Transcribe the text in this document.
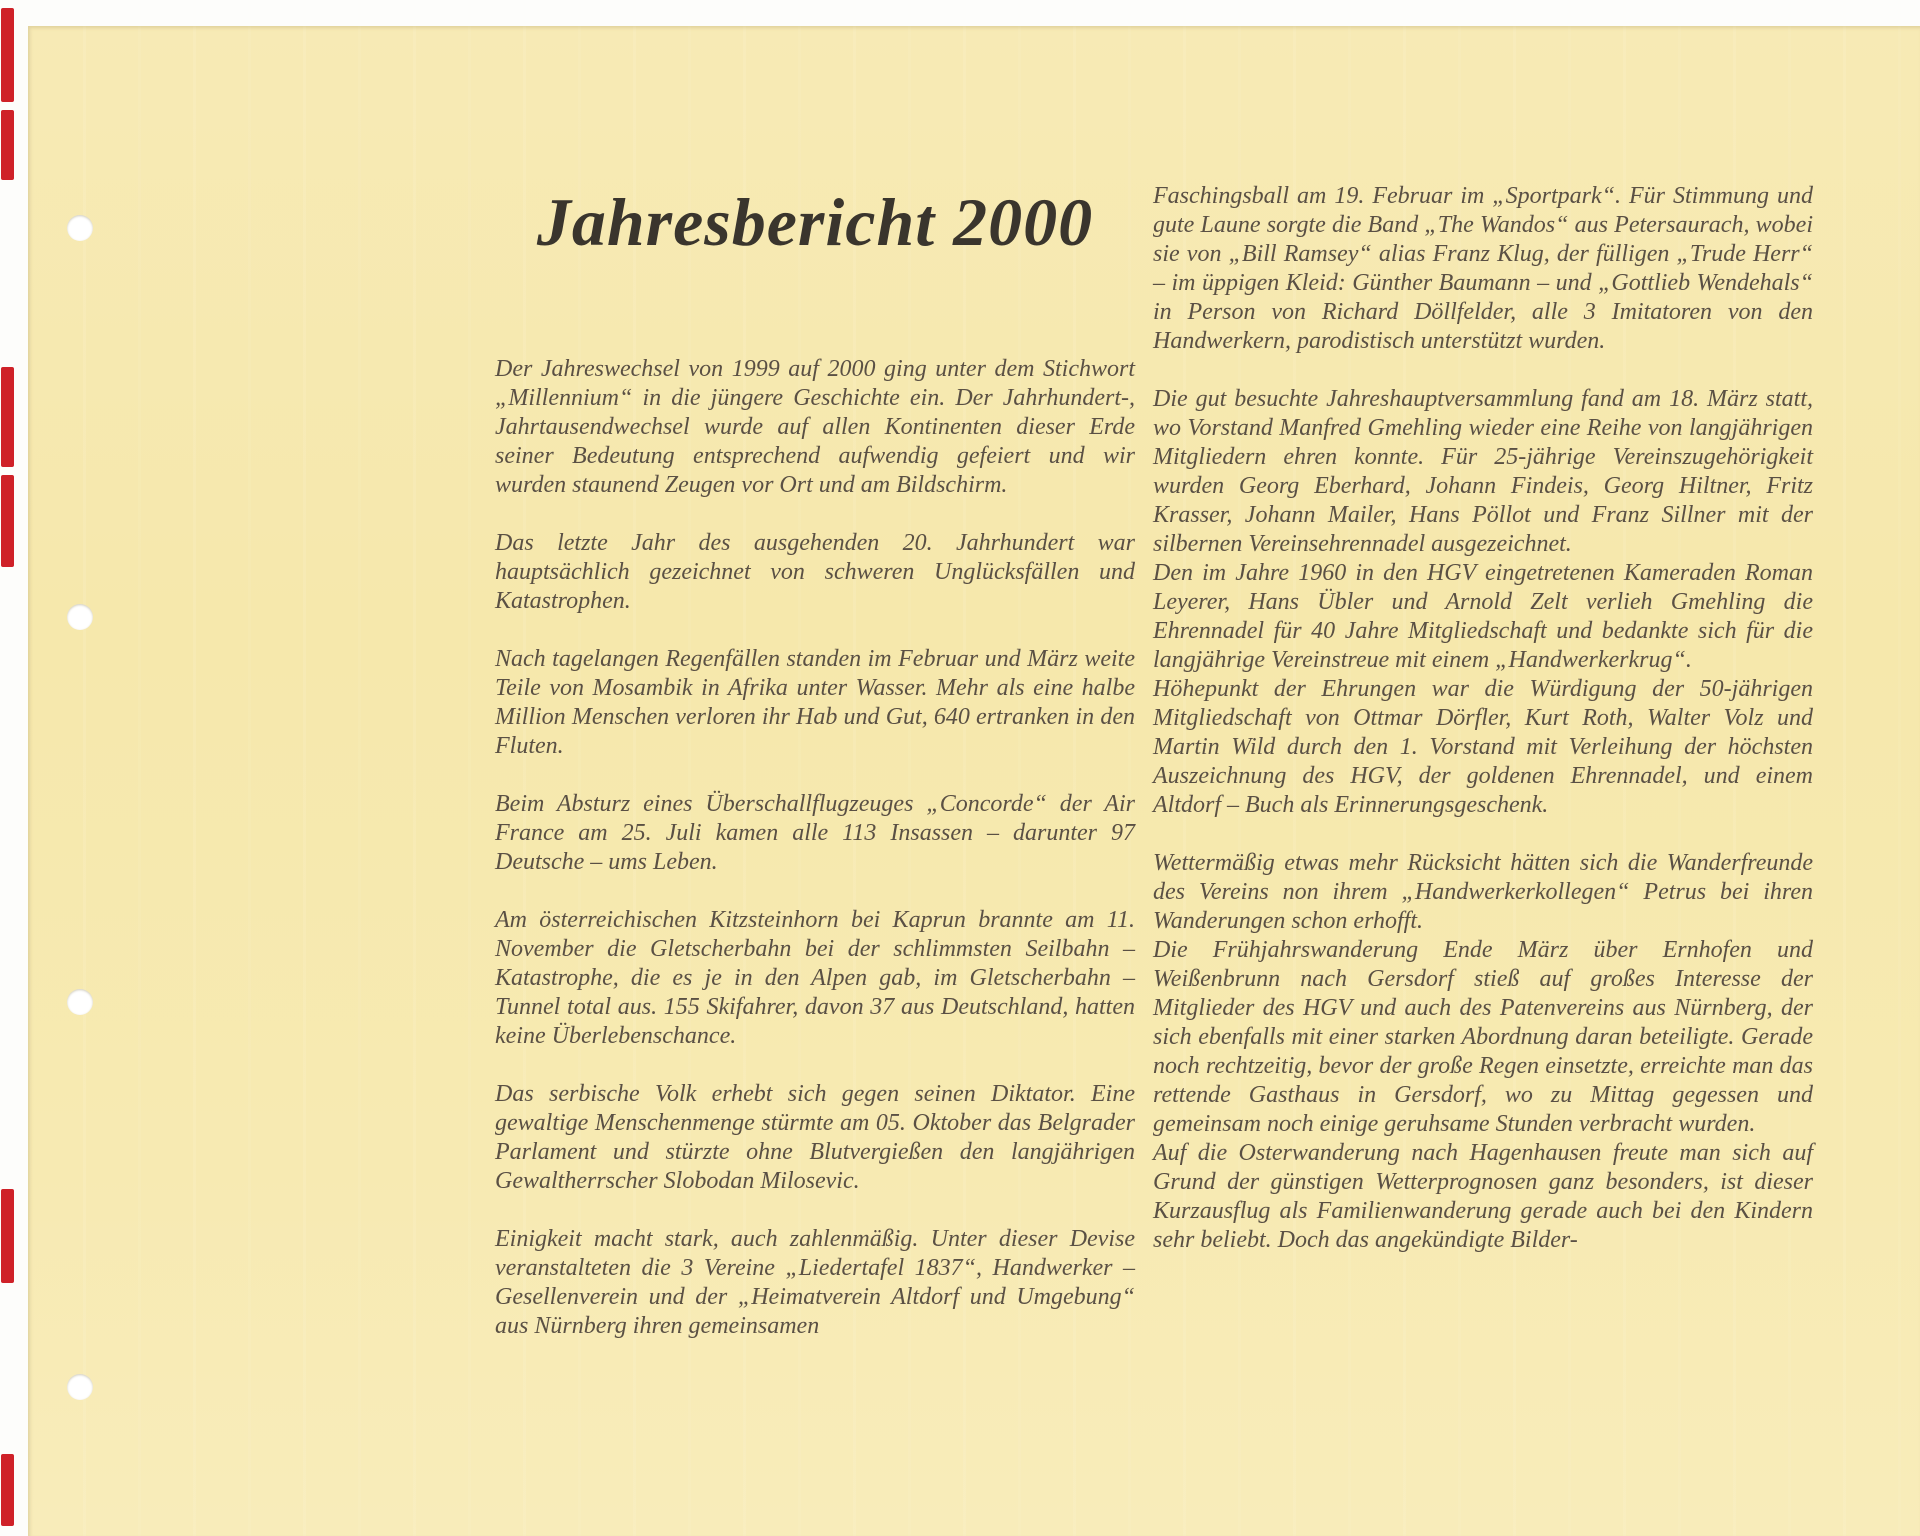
Jahresbericht 2000

Der Jahreswechsel von 1999 auf 2000 ging unter dem Stichwort „Millennium“ in die jüngere Geschichte ein. Der Jahrhundert-, Jahrtausendwechsel wurde auf allen Kontinenten dieser Erde seiner Bedeutung entsprechend aufwendig gefeiert und wir wurden staunend Zeugen vor Ort und am Bildschirm.

Das letzte Jahr des ausgehenden 20. Jahrhundert war hauptsächlich gezeichnet von schweren Unglücksfällen und Katastrophen.

Nach tagelangen Regenfällen standen im Februar und März weite Teile von Mosambik in Afrika unter Wasser. Mehr als eine halbe Million Menschen verloren ihr Hab und Gut, 640 ertranken in den Fluten.

Beim Absturz eines Überschallflugzeuges „Concorde“ der Air France am 25. Juli kamen alle 113 Insassen – darunter 97 Deutsche – ums Leben.

Am österreichischen Kitzsteinhorn bei Kaprun brannte am 11. November die Gletscherbahn bei der schlimmsten Seilbahn – Katastrophe, die es je in den Alpen gab, im Gletscherbahn – Tunnel total aus. 155 Skifahrer, davon 37 aus Deutschland, hatten keine Überlebenschance.

Das serbische Volk erhebt sich gegen seinen Diktator. Eine gewaltige Menschenmenge stürmte am 05. Oktober das Belgrader Parlament und stürzte ohne Blutvergießen den langjährigen Gewaltherrscher Slobodan Milosevic.

Einigkeit macht stark, auch zahlenmäßig. Unter dieser Devise veranstalteten die 3 Vereine „Liedertafel 1837“, Handwerker – Gesellenverein und der „Heimatverein Altdorf und Umgebung“ aus Nürnberg ihren gemeinsamen

Faschingsball am 19. Februar im „Sportpark“. Für Stimmung und gute Laune sorgte die Band „The Wandos“ aus Petersaurach, wobei sie von „Bill Ramsey“ alias Franz Klug, der fülligen „Trude Herr“ – im üppigen Kleid: Günther Baumann – und „Gottlieb Wendehals“ in Person von Richard Döllfelder, alle 3 Imitatoren von den Handwerkern, parodistisch unterstützt wurden.

Die gut besuchte Jahreshauptversammlung fand am 18. März statt, wo Vorstand Manfred Gmehling wieder eine Reihe von langjährigen Mitgliedern ehren konnte. Für 25-jährige Vereinszugehörigkeit wurden Georg Eberhard, Johann Findeis, Georg Hiltner, Fritz Krasser, Johann Mailer, Hans Pöllot und Franz Sillner mit der silbernen Vereinsehrennadel ausgezeichnet.

Den im Jahre 1960 in den HGV eingetretenen Kameraden Roman Leyerer, Hans Übler und Arnold Zelt verlieh Gmehling die Ehrennadel für 40 Jahre Mitgliedschaft und bedankte sich für die langjährige Vereinstreue mit einem „Handwerkerkrug“.

Höhepunkt der Ehrungen war die Würdigung der 50-jährigen Mitgliedschaft von Ottmar Dörfler, Kurt Roth, Walter Volz und Martin Wild durch den 1. Vorstand mit Verleihung der höchsten Auszeichnung des HGV, der goldenen Ehrennadel, und einem Altdorf – Buch als Erinnerungsgeschenk.

Wettermäßig etwas mehr Rücksicht hätten sich die Wanderfreunde des Vereins non ihrem „Handwerkerkollegen“ Petrus bei ihren Wanderungen schon erhofft.

Die Frühjahrswanderung Ende März über Ernhofen und Weißenbrunn nach Gersdorf stieß auf großes Interesse der Mitglieder des HGV und auch des Patenvereins aus Nürnberg, der sich ebenfalls mit einer starken Abordnung daran beteiligte. Gerade noch rechtzeitig, bevor der große Regen einsetzte, erreichte man das rettende Gasthaus in Gersdorf, wo zu Mittag gegessen und gemeinsam noch einige geruhsame Stunden verbracht wurden.

Auf die Osterwanderung nach Hagenhausen freute man sich auf Grund der günstigen Wetterprognosen ganz besonders, ist dieser Kurzausflug als Familienwanderung gerade auch bei den Kindern sehr beliebt. Doch das angekündigte Bilder-
